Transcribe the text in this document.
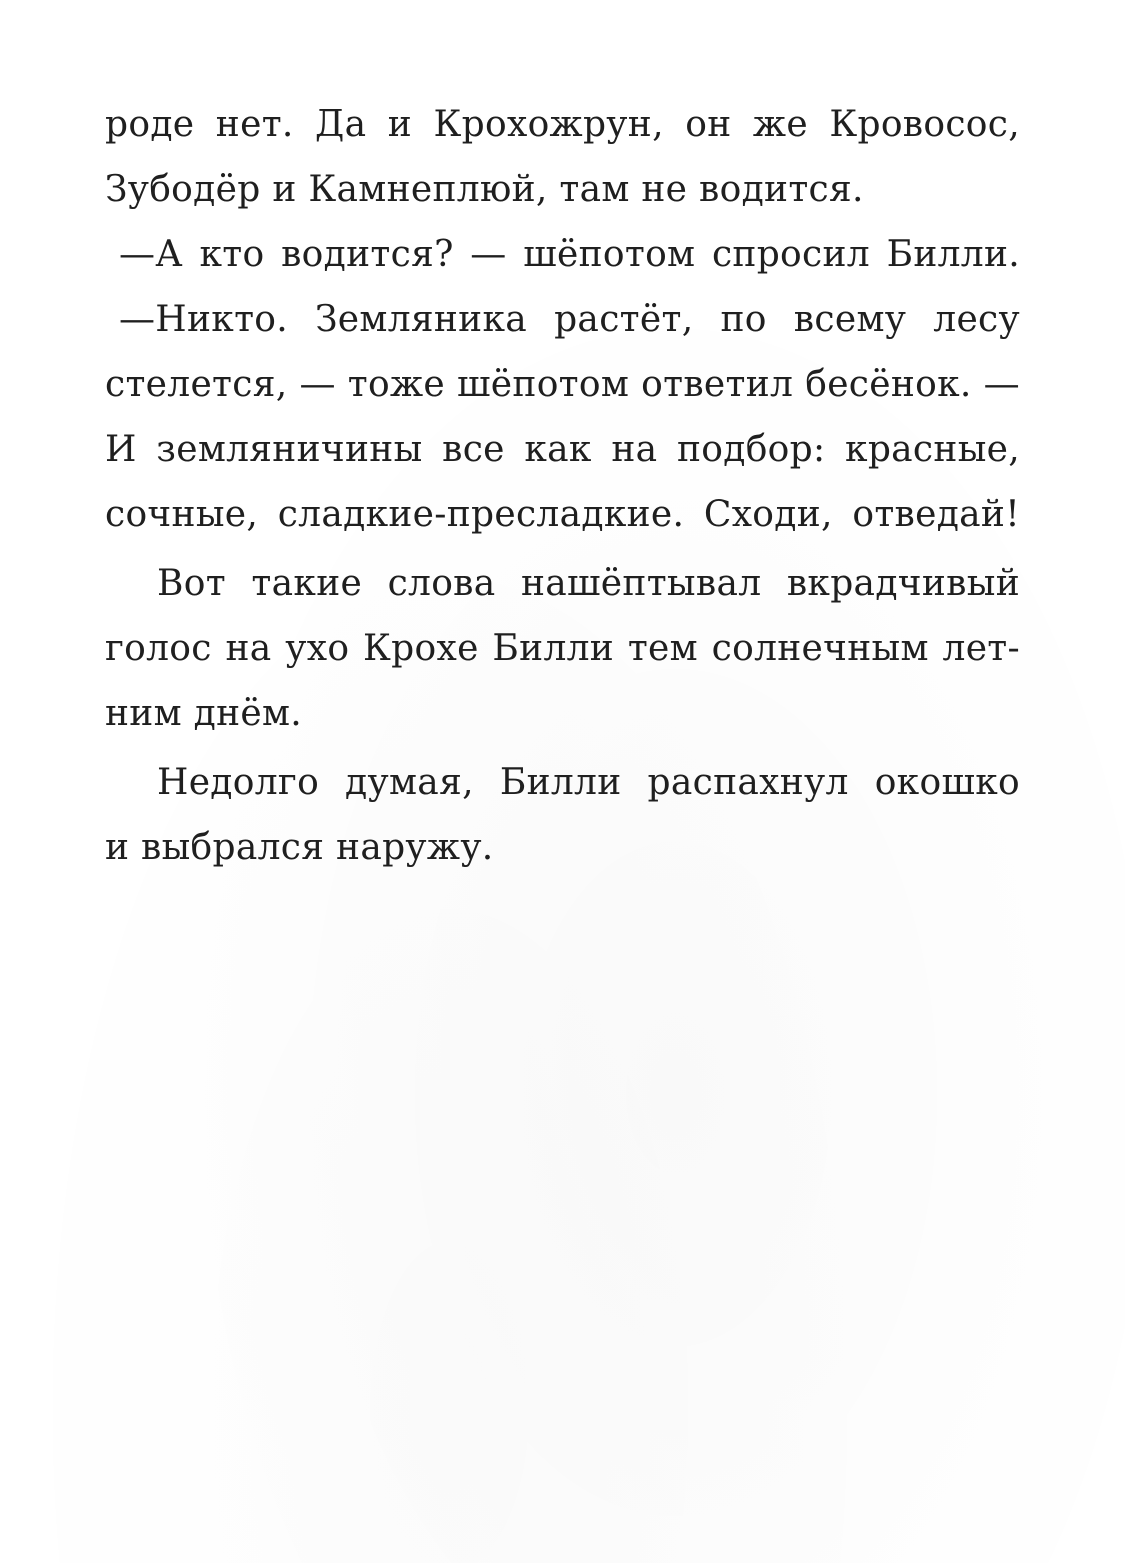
роде нет. Да и Крохожрун, он же Кровосос,
Зубодёр и Камнеплюй, там не водится.
—А кто водится? — шёпотом спросил Билли.
—Никто. Земляника растёт, по всему лесу
стелется, — тоже шёпотом ответил бесёнок. —
И земляничины все как на подбор: красные,
сочные, сладкие-пресладкие. Сходи, отведай!
Вот такие слова нашёптывал вкрадчивый
голос на ухо Крохе Билли тем солнечным лет-
ним днём.
Недолго думая, Билли распахнул окошко
и выбрался наружу.
